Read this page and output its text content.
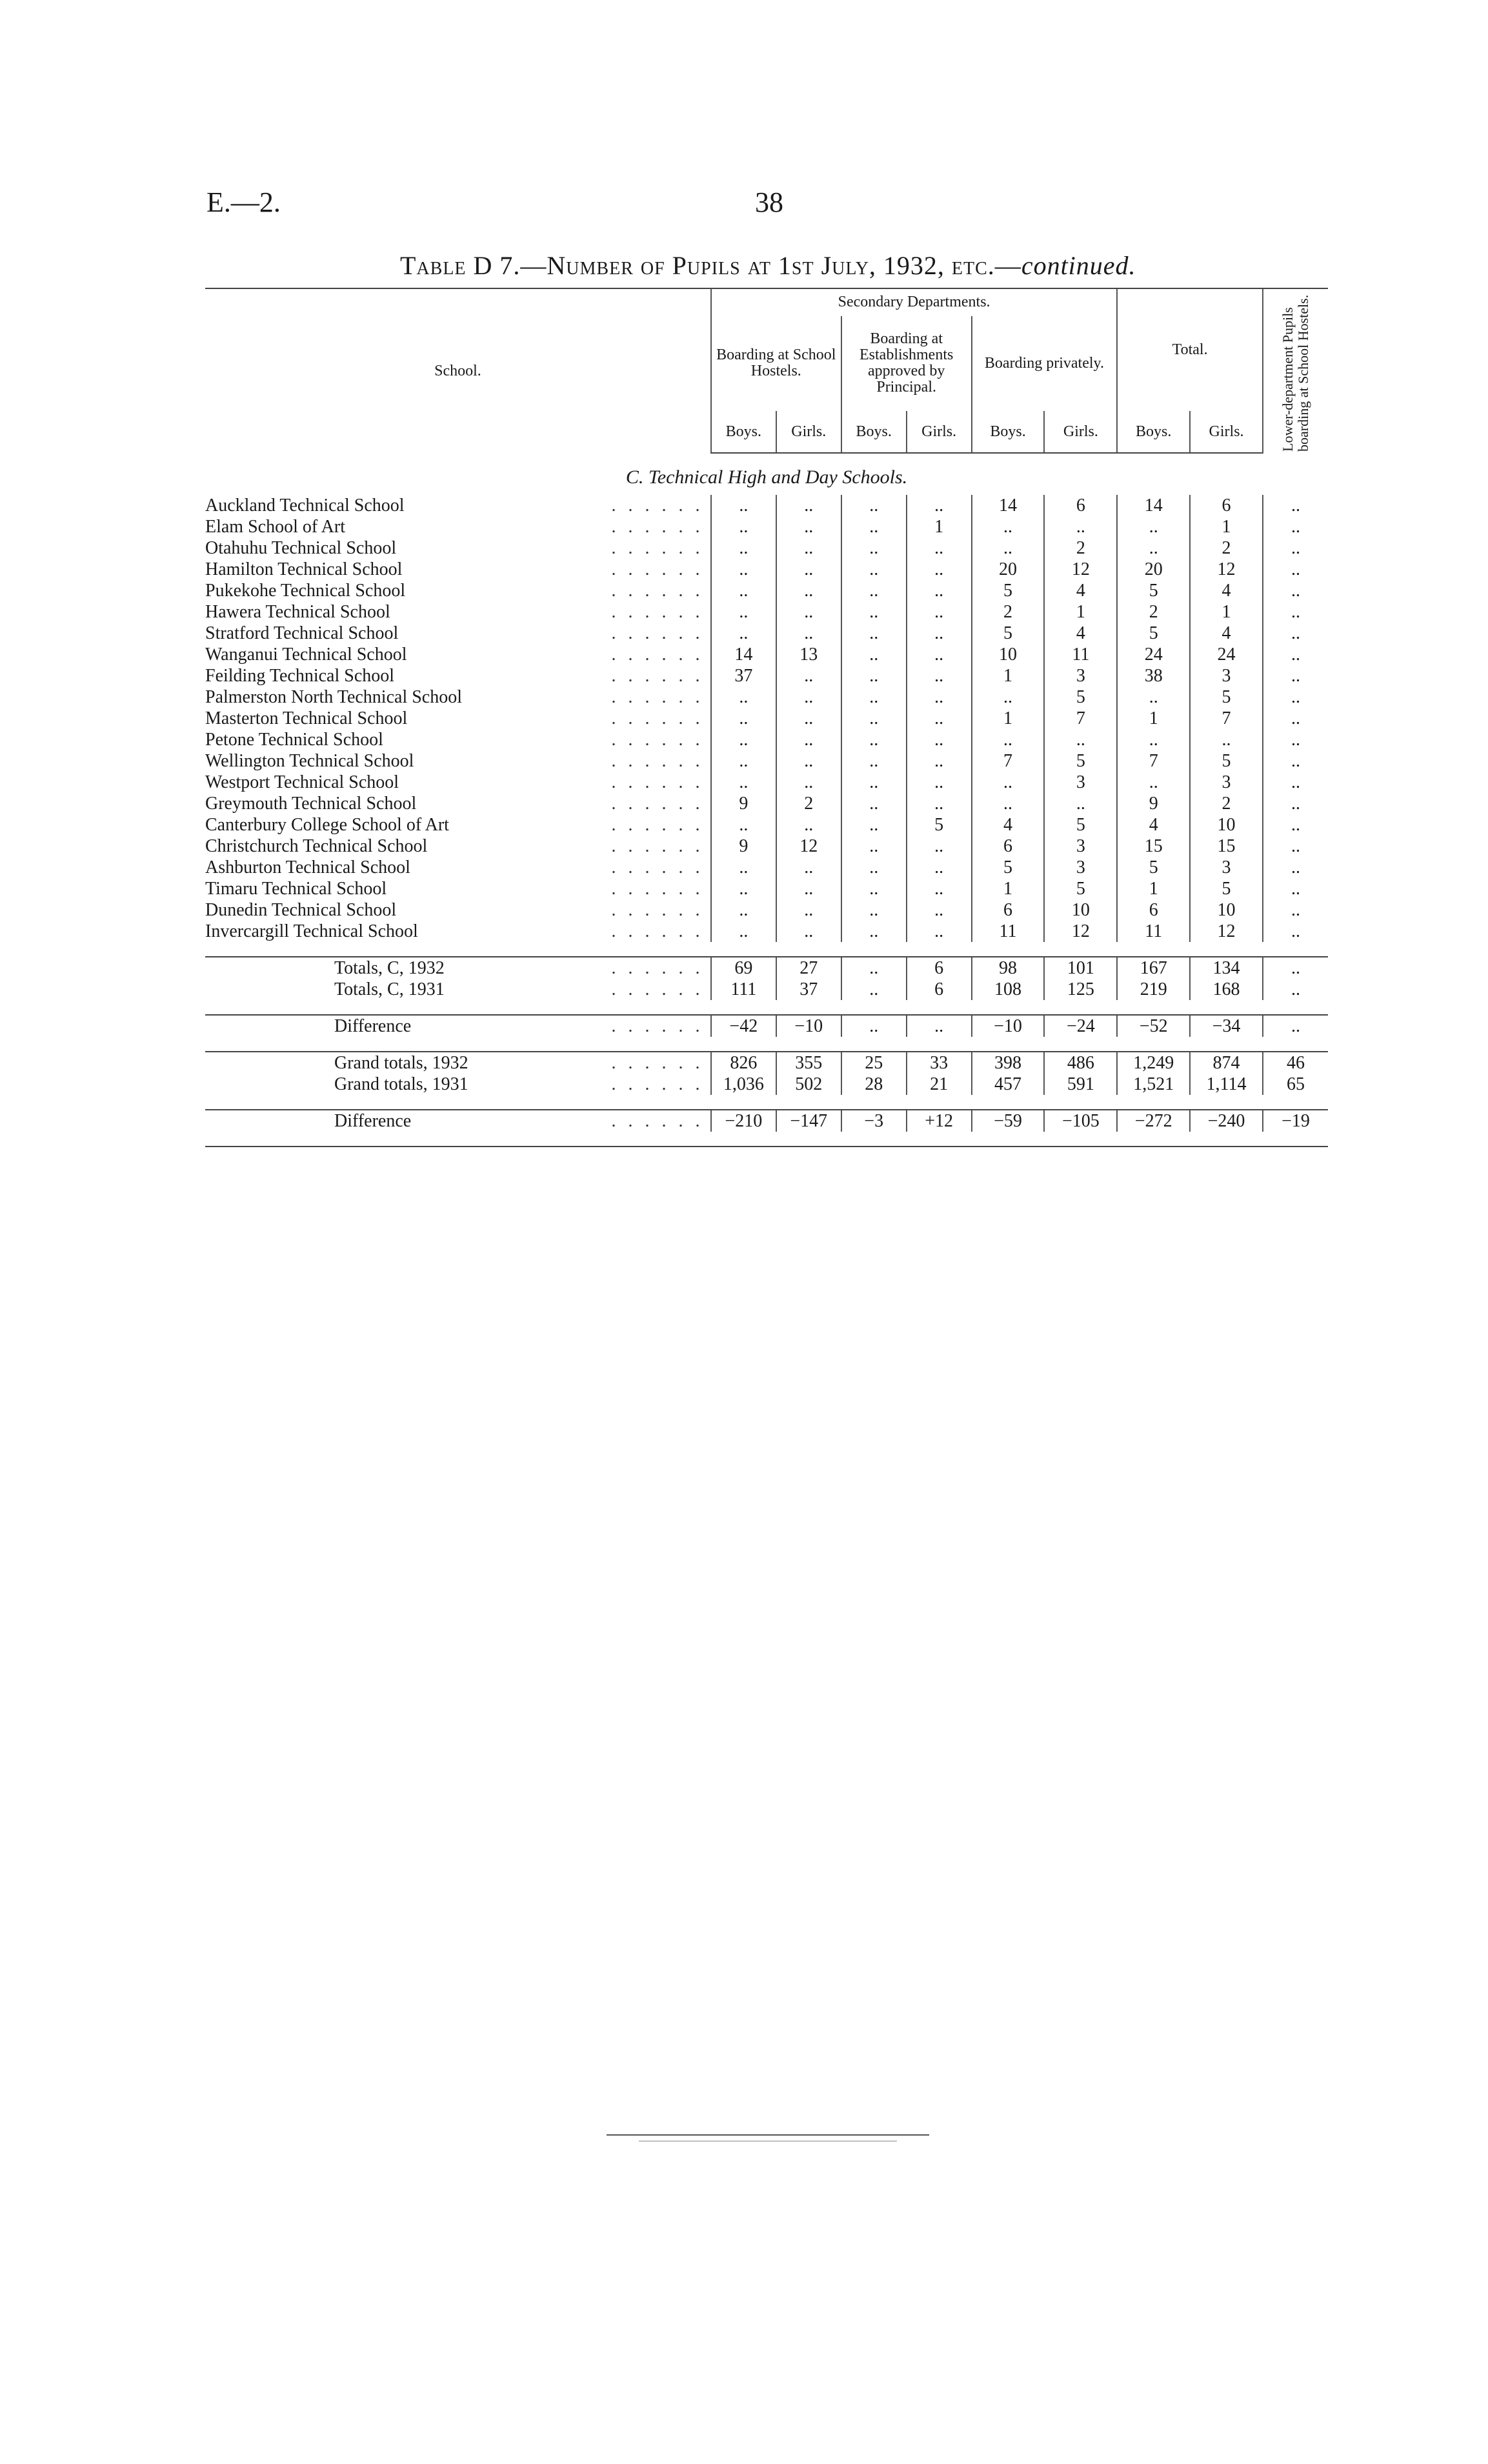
E.—2.	38
Table D 7.—Number of Pupils at 1st July, 1932, etc.—continued.
School.		Secondary Departments.						Total.		Lower-department Pupils boarding at School Hostels.

		Boarding at School Hostels.		Boarding at Establishments approved by Principal.		Boarding privately.				
		Boys.	Girls.	Boys.	Girls.	Boys.	Girls.	Boys.	Girls.	
C. Technical High and Day Schools.										
Auckland Technical School	. . . . . .	..	..	..	..	14	6	14	6	..
Elam School of Art	. . . . . .	..	..	..	1	..	..	..	1	..
Otahuhu Technical School	. . . . . .	..	..	..	..	..	2	..	2	..
Hamilton Technical School	. . . . . .	..	..	..	..	20	12	20	12	..
Pukekohe Technical School	. . . . . .	..	..	..	..	5	4	5	4	..
Hawera Technical School	. . . . . .	..	..	..	..	2	1	2	1	..
Stratford Technical School	. . . . . .	..	..	..	..	5	4	5	4	..
Wanganui Technical School	. . . . . .	14	13	..	..	10	11	24	24	..
Feilding Technical School	. . . . . .	37	..	..	..	1	3	38	3	..
Palmerston North Technical School	. . . . . .	..	..	..	..	..	5	..	5	..
Masterton Technical School	. . . . . .	..	..	..	..	1	7	1	7	..
Petone Technical School	. . . . . .	..	..	..	..	..	..	..	..	..
Wellington Technical School	. . . . . .	..	..	..	..	7	5	7	5	..
Westport Technical School	. . . . . .	..	..	..	..	..	3	..	3	..
Greymouth Technical School	. . . . . .	9	2	..	..	..	..	9	2	..
Canterbury College School of Art	. . . . . .	..	..	..	5	4	5	4	10	..
Christchurch Technical School	. . . . . .	9	12	..	..	6	3	15	15	..
Ashburton Technical School	. . . . . .	..	..	..	..	5	3	5	3	..
Timaru Technical School	. . . . . .	..	..	..	..	1	5	1	5	..
Dunedin Technical School	. . . . . .	..	..	..	..	6	10	6	10	..
Invercargill Technical School	. . . . . .	..	..	..	..	11	12	11	12	..

Totals, C, 1932	. . . . . .	69	27	..	6	98	101	167	134	..
Totals, C, 1931	. . . . . .	111	37	..	6	108	125	219	168	..

Difference	. . . . . .	−42	−10	..	..	−10	−24	−52	−34	..

Grand totals, 1932	. . . . . .	826	355	25	33	398	486	1,249	874	46
Grand totals, 1931	. . . . . .	1,036	502	28	21	457	591	1,521	1,114	65

Difference	. . . . . .	−210	−147	−3	+12	−59	−105	−272	−240	−19
